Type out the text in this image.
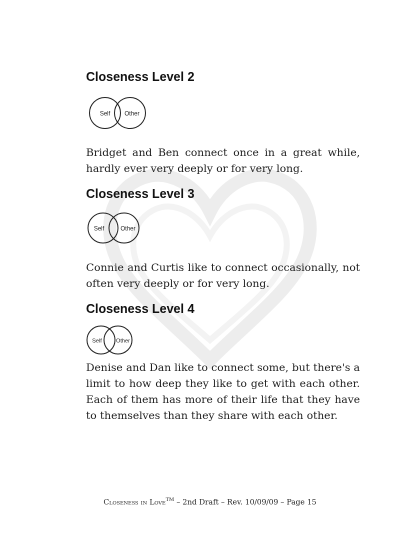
Closeness Level 2
Self Other

Bridget and Ben connect once in a great while, hardly ever very deeply or for very long.

Closeness Level 3
Self	Other

Connie and Curtis like to connect occasionally, not often very deeply or for very long.

Closeness Level 4
Self	Other

Denise and Dan like to connect some, but there's a limit to how deep they like to get with each other. Each of them has more of their life that they have to themselves than they share with each other.

Closeness in Love™ – 2nd Draft – Rev. 10/09/09 – Page 15
